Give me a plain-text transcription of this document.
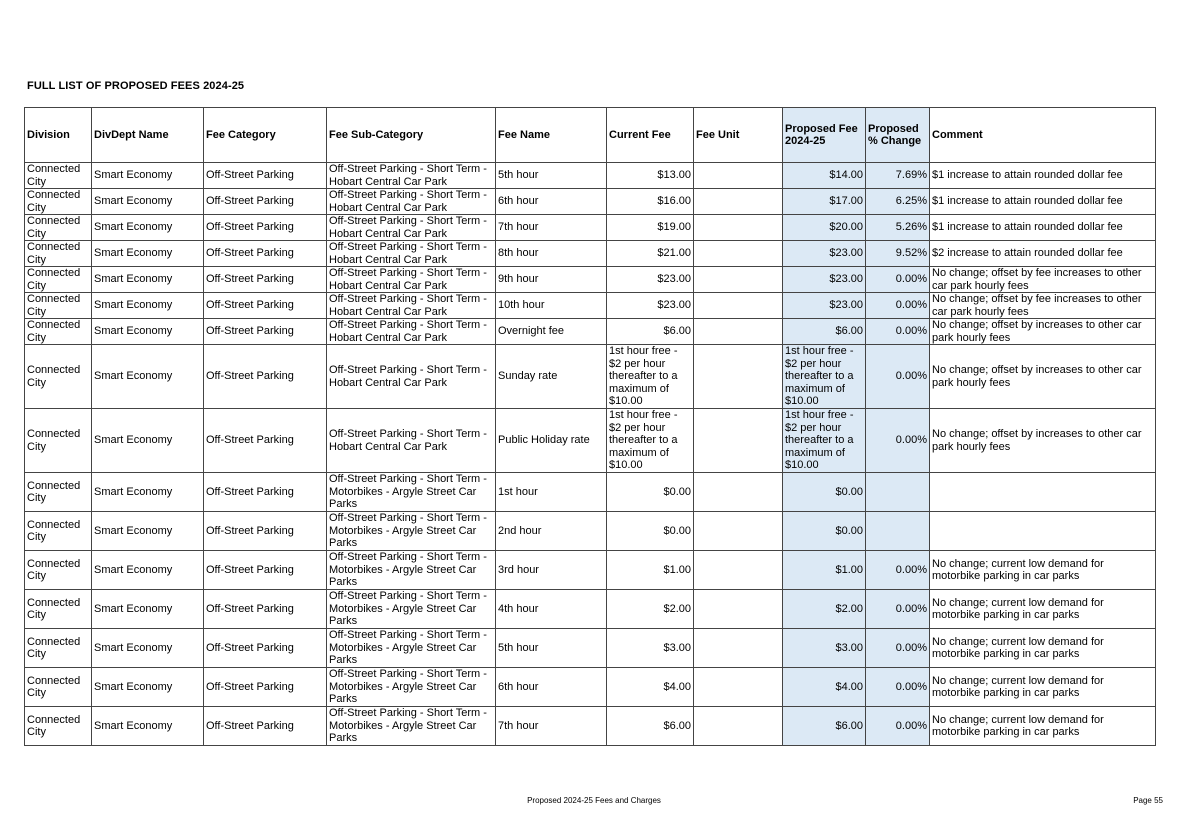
FULL LIST OF PROPOSED FEES 2024-25
Division	DivDept Name	Fee Category	Fee Sub-Category	Fee Name	Current Fee	Fee Unit	Proposed Fee 2024-25	Proposed % Change	Comment
Connected City	Smart Economy	Off-Street Parking	Off-Street Parking - Short Term - Hobart Central Car Park	5th hour	$13.00		$14.00	7.69%	$1 increase to attain rounded dollar fee
Connected City	Smart Economy	Off-Street Parking	Off-Street Parking - Short Term - Hobart Central Car Park	6th hour	$16.00		$17.00	6.25%	$1 increase to attain rounded dollar fee
Connected City	Smart Economy	Off-Street Parking	Off-Street Parking - Short Term - Hobart Central Car Park	7th hour	$19.00		$20.00	5.26%	$1 increase to attain rounded dollar fee
Connected City	Smart Economy	Off-Street Parking	Off-Street Parking - Short Term - Hobart Central Car Park	8th hour	$21.00		$23.00	9.52%	$2 increase to attain rounded dollar fee
Connected City	Smart Economy	Off-Street Parking	Off-Street Parking - Short Term - Hobart Central Car Park	9th hour	$23.00		$23.00	0.00%	No change; offset by fee increases to other car park hourly fees
Connected City	Smart Economy	Off-Street Parking	Off-Street Parking - Short Term - Hobart Central Car Park	10th hour	$23.00		$23.00	0.00%	No change; offset by fee increases to other car park hourly fees
Connected City	Smart Economy	Off-Street Parking	Off-Street Parking - Short Term - Hobart Central Car Park	Overnight fee	$6.00		$6.00	0.00%	No change; offset by increases to other car park hourly fees
Connected City	Smart Economy	Off-Street Parking	Off-Street Parking - Short Term - Hobart Central Car Park	Sunday rate	1st hour free - $2 per hour thereafter to a maximum of $10.00		1st hour free - $2 per hour thereafter to a maximum of $10.00	0.00%	No change; offset by increases to other car park hourly fees
Connected City	Smart Economy	Off-Street Parking	Off-Street Parking - Short Term - Hobart Central Car Park	Public Holiday rate	1st hour free - $2 per hour thereafter to a maximum of $10.00		1st hour free - $2 per hour thereafter to a maximum of $10.00	0.00%	No change; offset by increases to other car park hourly fees
Connected City	Smart Economy	Off-Street Parking	Off-Street Parking - Short Term - Motorbikes - Argyle Street Car Parks	1st hour	$0.00		$0.00		
Connected City	Smart Economy	Off-Street Parking	Off-Street Parking - Short Term - Motorbikes - Argyle Street Car Parks	2nd hour	$0.00		$0.00		
Connected City	Smart Economy	Off-Street Parking	Off-Street Parking - Short Term - Motorbikes - Argyle Street Car Parks	3rd hour	$1.00		$1.00	0.00%	No change; current low demand for motorbike parking in car parks
Connected City	Smart Economy	Off-Street Parking	Off-Street Parking - Short Term - Motorbikes - Argyle Street Car Parks	4th hour	$2.00		$2.00	0.00%	No change; current low demand for motorbike parking in car parks
Connected City	Smart Economy	Off-Street Parking	Off-Street Parking - Short Term - Motorbikes - Argyle Street Car Parks	5th hour	$3.00		$3.00	0.00%	No change; current low demand for motorbike parking in car parks
Connected City	Smart Economy	Off-Street Parking	Off-Street Parking - Short Term - Motorbikes - Argyle Street Car Parks	6th hour	$4.00		$4.00	0.00%	No change; current low demand for motorbike parking in car parks
Connected City	Smart Economy	Off-Street Parking	Off-Street Parking - Short Term - Motorbikes - Argyle Street Car Parks	7th hour	$6.00		$6.00	0.00%	No change; current low demand for motorbike parking in car parks
Proposed 2024-25 Fees and Charges	Page 55
